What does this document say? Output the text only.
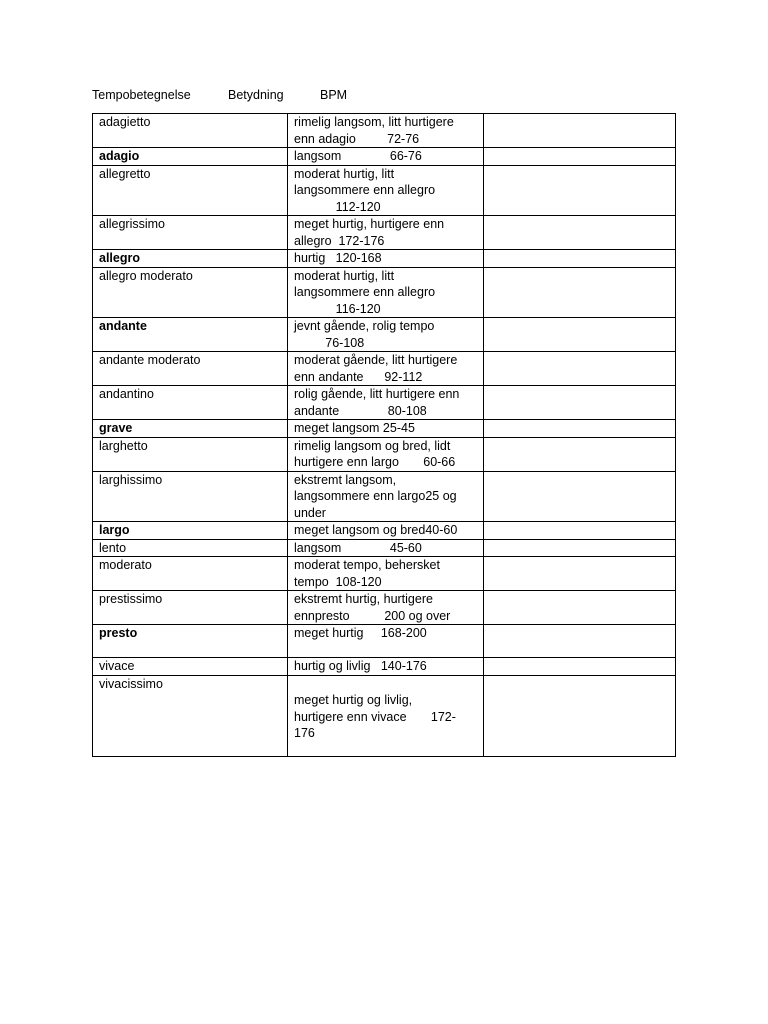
Tempobetegnelse	Betydning	BPM
adagietto	rimelig langsom, litt hurtigere
enn adagio         72-76	
adagio	langsom              66-76	
allegretto	moderat hurtig, litt
langsommere enn allegro
112-120	
allegrissimo	meget hurtig, hurtigere enn
allegro  172-176	
allegro	hurtig   120-168	
allegro moderato	moderat hurtig, litt
langsommere enn allegro
116-120	
andante	jevnt gående, rolig tempo
76-108	
andante moderato	moderat gående, litt hurtigere
enn andante      92-112	
andantino	rolig gående, litt hurtigere enn
andante              80-108	
grave	meget langsom 25-45	
larghetto	rimelig langsom og bred, lidt
hurtigere enn largo       60-66	
larghissimo	ekstremt langsom,
langsommere enn largo25 og
under	
largo	meget langsom og bred40-60	
lento	langsom              45-60	
moderato	moderat tempo, behersket
tempo  108-120	
prestissimo	ekstremt hurtig, hurtigere
ennpresto          200 og over	
presto	meget hurtig     168-200	
vivace	hurtig og livlig   140-176	
vivacissimo	meget hurtig og livlig,
hurtigere enn vivace       172-
176	
